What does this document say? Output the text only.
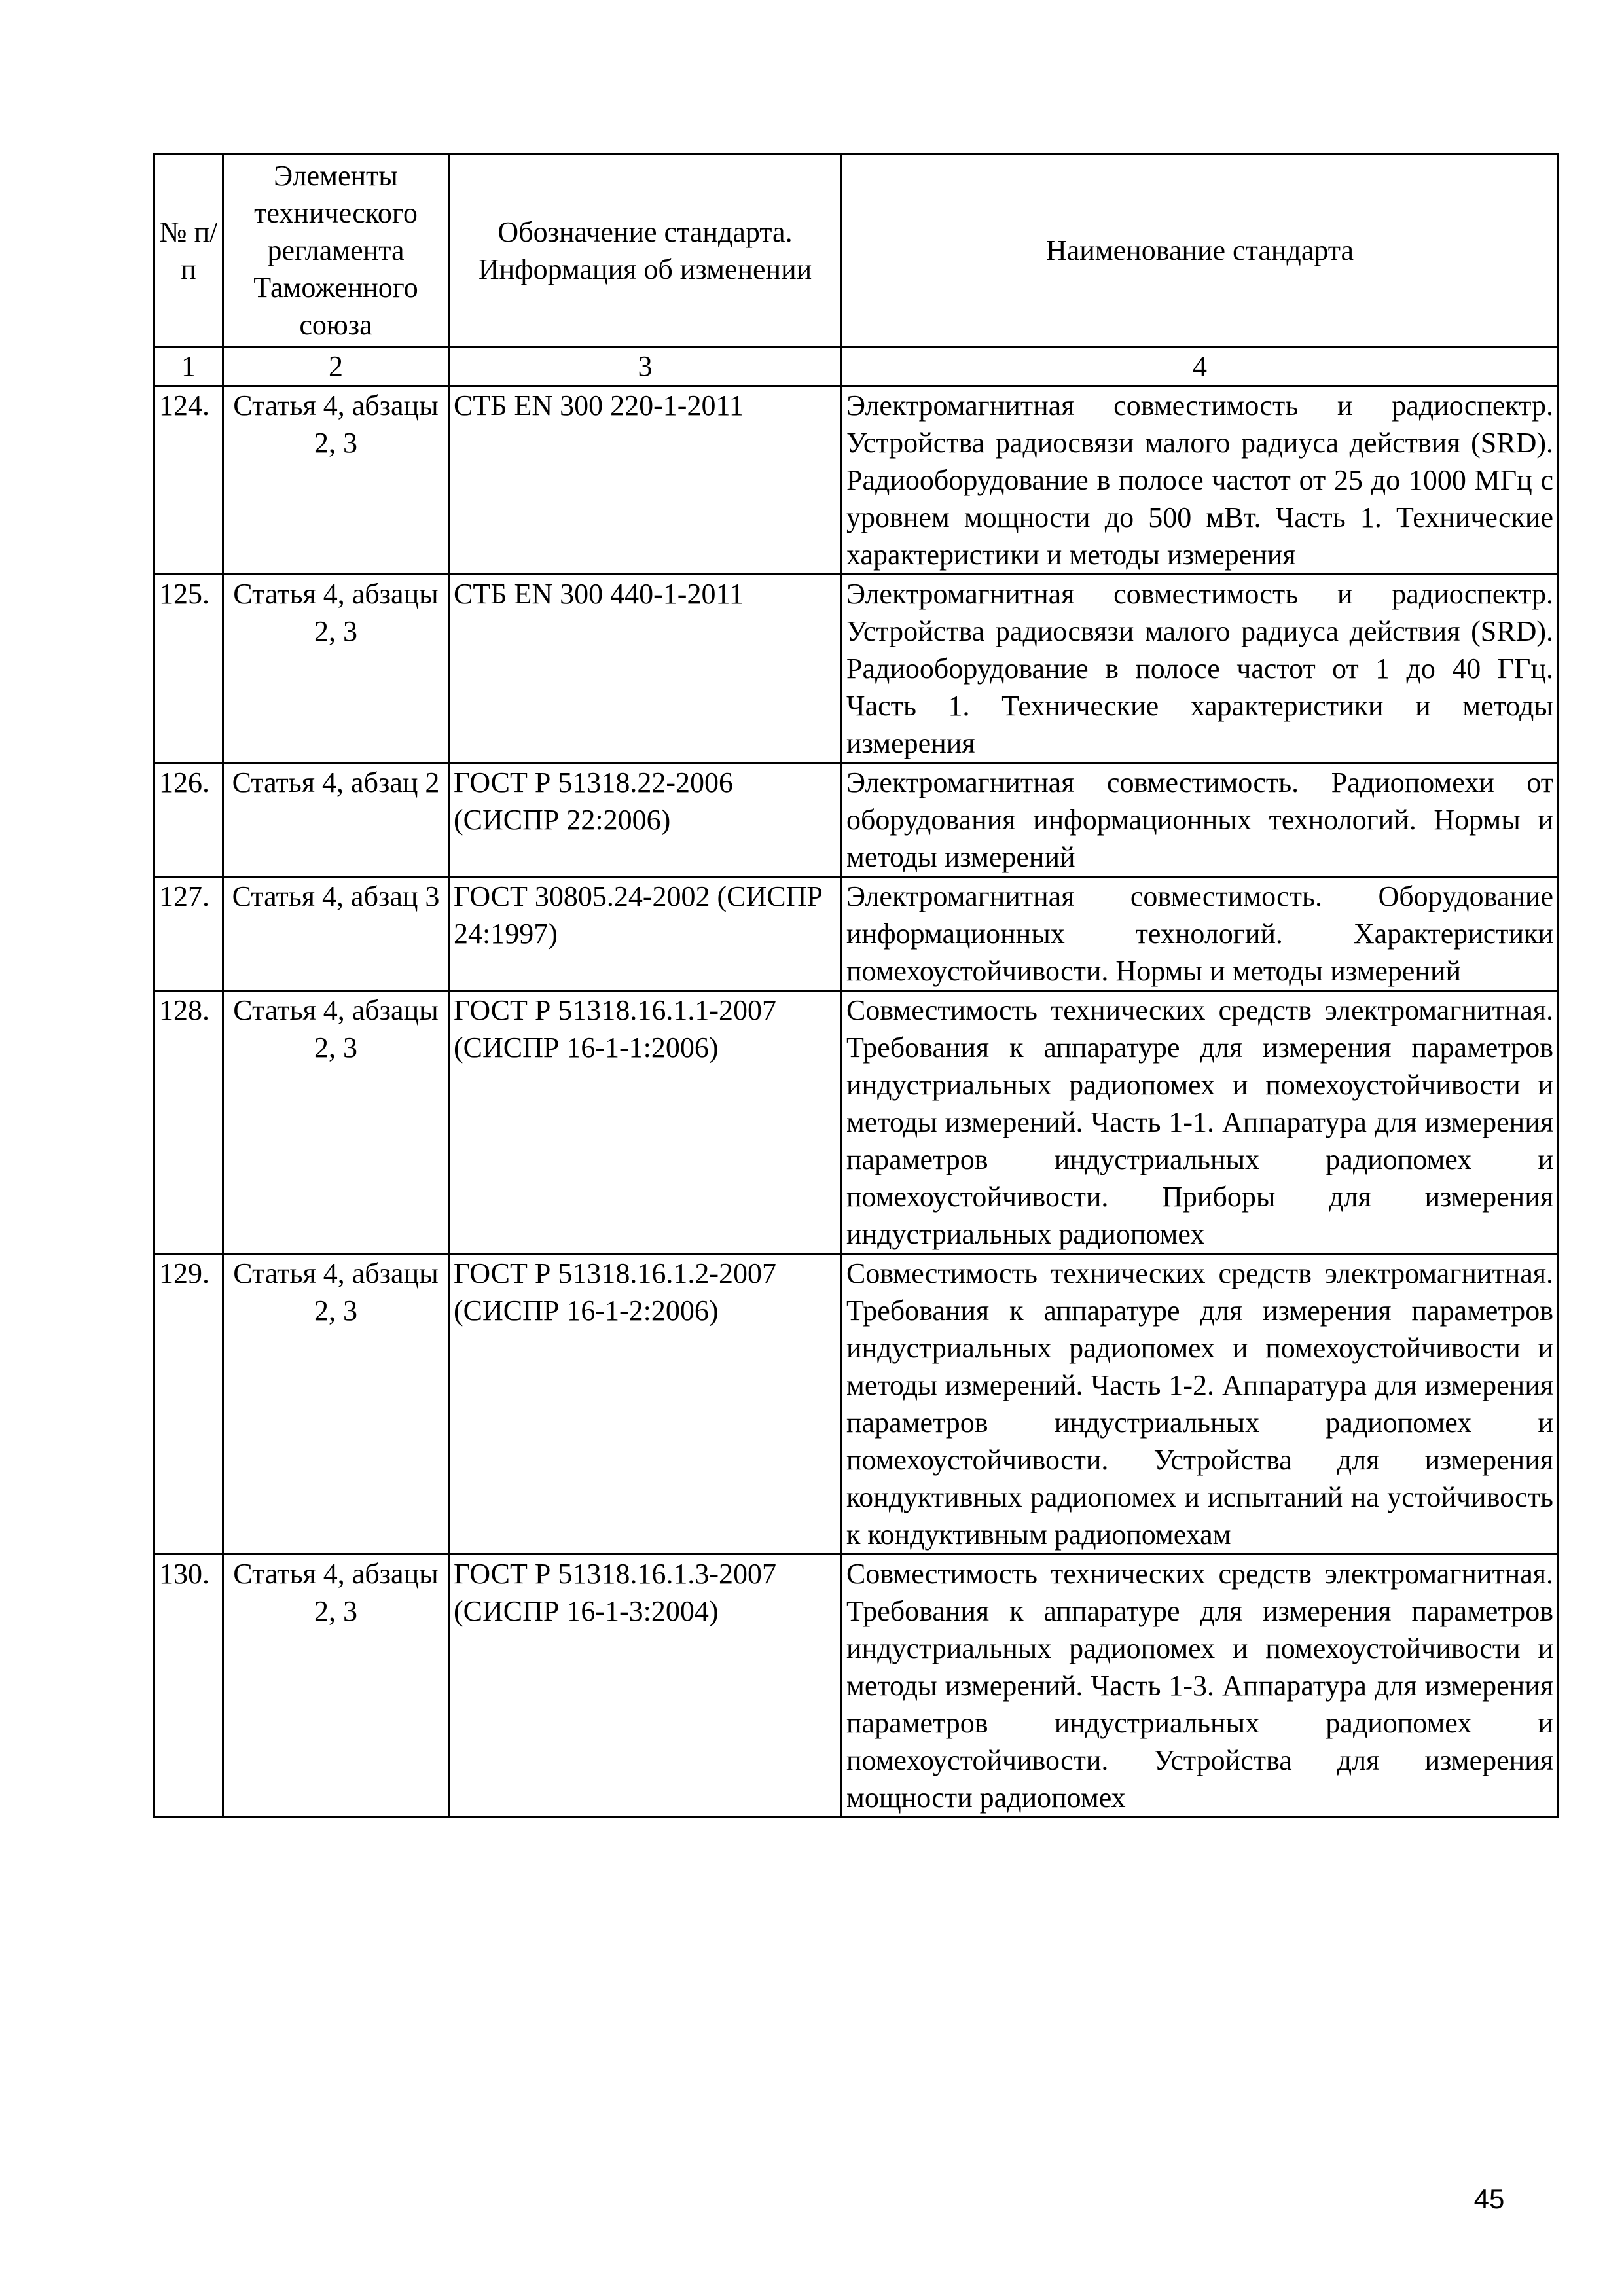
№ п/п	Элементы технического регламента Таможенного союза	Обозначение стандарта. Информация об изменении	Наименование стандарта
1	2	3	4
124.	Статья 4, абзацы 2, 3	СТБ EN 300 220-1-2011	Электромагнитная совместимость и радиоспектр. Устройства радиосвязи малого радиуса действия (SRD). Радиооборудование в полосе частот от 25 до 1000 МГц с уровнем мощности до 500 мВт. Часть 1. Технические характеристики и методы измерения
125.	Статья 4, абзацы 2, 3	СТБ EN 300 440-1-2011	Электромагнитная совместимость и радиоспектр. Устройства радиосвязи малого радиуса действия (SRD). Радиооборудование в полосе частот от 1 до 40 ГГц. Часть 1. Технические характеристики и методы измерения
126.	Статья 4, абзац 2	ГОСТ Р 51318.22-2006 (СИСПР 22:2006)	Электромагнитная совместимость. Радиопомехи от оборудования информационных технологий. Нормы и методы измерений
127.	Статья 4, абзац 3	ГОСТ 30805.24-2002 (СИСПР 24:1997)	Электромагнитная совместимость. Оборудование информационных технологий. Характеристики помехоустойчивости. Нормы и методы измерений
128.	Статья 4, абзацы 2, 3	ГОСТ Р 51318.16.1.1-2007 (СИСПР 16-1-1:2006)	Совместимость технических средств электромагнитная. Требования к аппаратуре для измерения параметров индустриальных радиопомех и помехоустойчивости и методы измерений. Часть 1-1. Аппаратура для измерения параметров индустриальных радиопомех и помехоустойчивости. Приборы для измерения индустриальных радиопомех
129.	Статья 4, абзацы 2, 3	ГОСТ Р 51318.16.1.2-2007 (СИСПР 16-1-2:2006)	Совместимость технических средств электромагнитная. Требования к аппаратуре для измерения параметров индустриальных радиопомех и помехоустойчивости и методы измерений. Часть 1-2. Аппаратура для измерения параметров индустриальных радиопомех и помехоустойчивости. Устройства для измерения кондуктивных радиопомех и испытаний на устойчивость к кондуктивным радиопомехам
130.	Статья 4, абзацы 2, 3	ГОСТ Р 51318.16.1.3-2007 (СИСПР 16-1-3:2004)	Совместимость технических средств электромагнитная. Требования к аппаратуре для измерения параметров индустриальных радиопомех и помехоустойчивости и методы измерений. Часть 1-3. Аппаратура для измерения параметров индустриальных радиопомех и помехоустойчивости. Устройства для измерения мощности радиопомех
45
